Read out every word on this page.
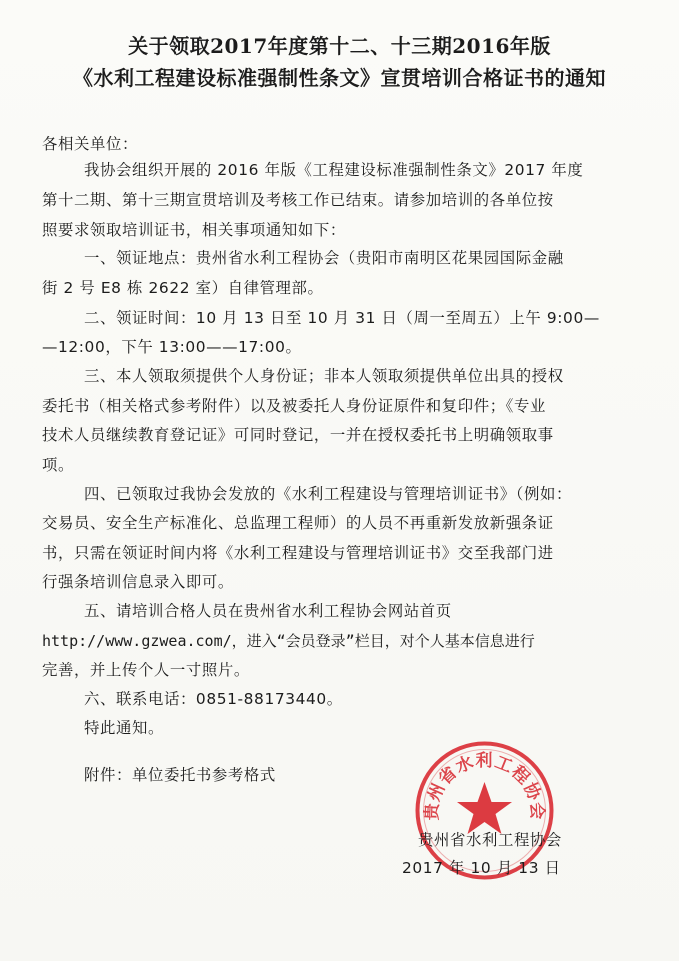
关于领取2017年度第十二、十三期2016年版
《水利工程建设标准强制性条文》宣贯培训合格证书的通知
各相关单位：
我协会组织开展的 2016 年版《工程建设标准强制性条文》2017 年度
第十二期、第十三期宣贯培训及考核工作已结束。请参加培训的各单位按
照要求领取培训证书，相关事项通知如下：
一、领证地点：贵州省水利工程协会（贵阳市南明区花果园国际金融
街 2 号 E8 栋 2622 室）自律管理部。
二、领证时间：10 月 13 日至 10 月 31 日（周一至周五）上午 9:00—
—12:00，下午 13:00——17:00。
三、本人领取须提供个人身份证；非本人领取须提供单位出具的授权
委托书（相关格式参考附件）以及被委托人身份证原件和复印件；《专业
技术人员继续教育登记证》可同时登记，一并在授权委托书上明确领取事
项。
四、已领取过我协会发放的《水利工程建设与管理培训证书》（例如：
交易员、安全生产标准化、总监理工程师）的人员不再重新发放新强条证
书，只需在领证时间内将《水利工程建设与管理培训证书》交至我部门进
行强条培训信息录入即可。
五、请培训合格人员在贵州省水利工程协会网站首页
http://www.gzwea.com/，进入“会员登录”栏目，对个人基本信息进行
完善，并上传个人一寸照片。
六、联系电话：0851-88173440。
特此通知。
附件：单位委托书参考格式
贵州省水利工程协会
贵州省水利工程协会
2017 年 10 月 13 日
